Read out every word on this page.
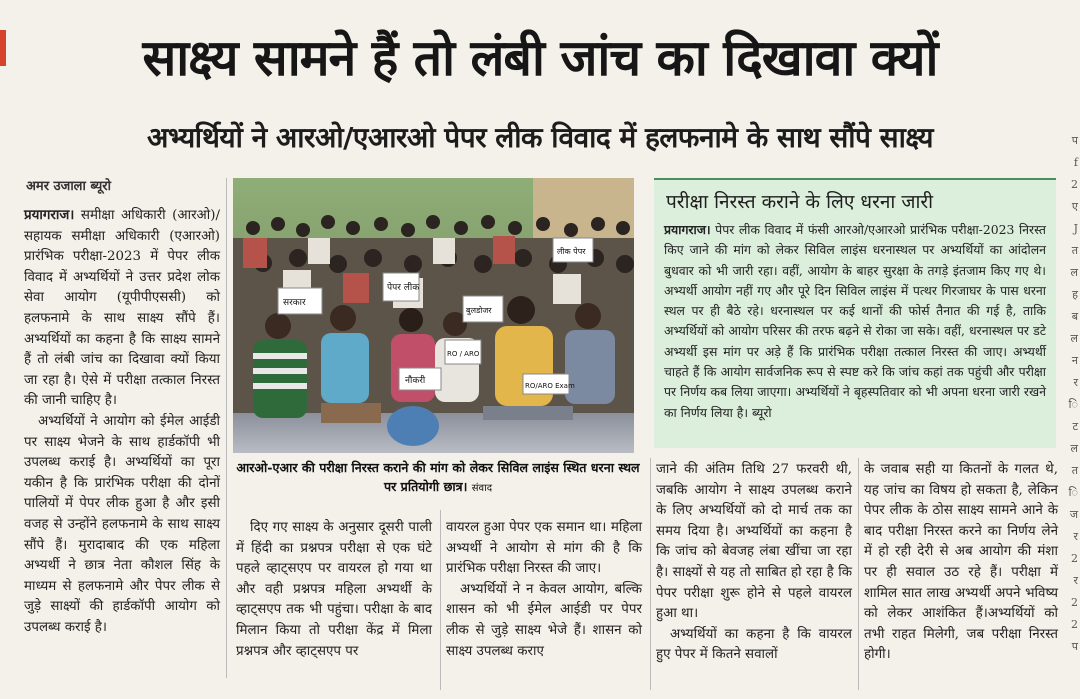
साक्ष्य सामने हैं तो लंबी जांच का दिखावा क्यों
अभ्यर्थियों ने आरओ/एआरओ पेपर लीक विवाद में हलफनामे के साथ सौंपे साक्ष्य
अमर उजाला ब्यूरो

प्रयागराज। समीक्षा अधिकारी (आरओ)/सहायक समीक्षा अधिकारी (एआरओ) प्रारंभिक परीक्षा-2023 में पेपर लीक विवाद में अभ्यर्थियों ने उत्तर प्रदेश लोक सेवा आयोग (यूपीपीएससी) को हलफनामे के साथ साक्ष्य सौंपे हैं। अभ्यर्थियों का कहना है कि साक्ष्य सामने हैं तो लंबी जांच का दिखावा क्यों किया जा रहा है। ऐसे में परीक्षा तत्काल निरस्त की जानी चाहिए है।

अभ्यर्थियों ने आयोग को ईमेल आईडी पर साक्ष्य भेजने के साथ हार्डकॉपी भी उपलब्ध कराई है। अभ्यर्थियों का पूरा यकीन है कि प्रारंभिक परीक्षा की दोनों पालियों में पेपर लीक हुआ है और इसी वजह से उन्होंने हलफनामे के साथ साक्ष्य सौंपे हैं। मुरादाबाद की एक महिला अभ्यर्थी ने छात्र नेता कौशल सिंह के माध्यम से हलफनामे और पेपर लीक से जुड़े साक्ष्यों की हार्डकॉपी आयोग को उपलब्ध कराई है।

पेपर लीक
सरकार
RO / ARO
RO/ARO Exam
नौकरी
बुलडोजर
लीक पेपर
आरओ-एआर की परीक्षा निरस्त कराने की मांग को लेकर सिविल लाइंस स्थित धरना स्थल पर प्रतियोगी छात्र। संवाद
परीक्षा निरस्त कराने के लिए धरना जारी
प्रयागराज। पेपर लीक विवाद में फंसी आरओ/एआरओ प्रारंभिक परीक्षा-2023 निरस्त किए जाने की मांग को लेकर सिविल लाइंस धरनास्थल पर अभ्यर्थियों का आंदोलन बुधवार को भी जारी रहा। वहीं, आयोग के बाहर सुरक्षा के तगड़े इंतजाम किए गए थे। अभ्यर्थी आयोग नहीं गए और पूरे दिन सिविल लाइंस में पत्थर गिरजाघर के पास धरना स्थल पर ही बैठे रहे। धरनास्थल पर कई थानों की फोर्स तैनात की गई है, ताकि अभ्यर्थियों को आयोग परिसर की तरफ बढ़ने से रोका जा सके। वहीं, धरनास्थल पर डटे अभ्यर्थी इस मांग पर अड़े हैं कि प्रारंभिक परीक्षा तत्काल निरस्त की जाए। अभ्यर्थी चाहते हैं कि आयोग सार्वजनिक रूप से स्पष्ट करे कि जांच कहां तक पहुंची और परीक्षा पर निर्णय कब लिया जाएगा। अभ्यर्थियों ने बृहस्पतिवार को भी अपना धरना जारी रखने का निर्णय लिया है। ब्यूरो

दिए गए साक्ष्य के अनुसार दूसरी पाली में हिंदी का प्रश्नपत्र परीक्षा से एक घंटे पहले व्हाट्सएप पर वायरल हो गया था और वही प्रश्नपत्र महिला अभ्यर्थी के व्हाट्सएप तक भी पहुंचा। परीक्षा के बाद मिलान किया तो परीक्षा केंद्र में मिला प्रश्नपत्र और व्हाट्सएप पर

वायरल हुआ पेपर एक समान था। महिला अभ्यर्थी ने आयोग से मांग की है कि प्रारंभिक परीक्षा निरस्त की जाए।

अभ्यर्थियों ने न केवल आयोग, बल्कि शासन को भी ईमेल आईडी पर पेपर लीक से जुड़े साक्ष्य भेजे हैं। शासन को साक्ष्य उपलब्ध कराए

जाने की अंतिम तिथि 27 फरवरी थी, जबकि आयोग ने साक्ष्य उपलब्ध कराने के लिए अभ्यर्थियों को दो मार्च तक का समय दिया है। अभ्यर्थियों का कहना है कि जांच को बेवजह लंबा खींचा जा रहा है। साक्ष्यों से यह तो साबित हो रहा है कि पेपर परीक्षा शुरू होने से पहले वायरल हुआ था।

अभ्यर्थियों का कहना है कि वायरल हुए पेपर में कितने सवालों

के जवाब सही या कितनों के गलत थे, यह जांच का विषय हो सकता है, लेकिन पेपर लीक के ठोस साक्ष्य सामने आने के बाद परीक्षा निरस्त करने का निर्णय लेने में हो रही देरी से अब आयोग की मंशा पर ही सवाल उठ रहे हैं। परीक्षा में शामिल सात लाख अभ्यर्थी अपने भविष्य को लेकर आशंकित हैं।अभ्यर्थियों को तभी राहत मिलेगी, जब परीक्षा निरस्त होगी।

प
f
2
ए
J
त
ल
ह
ब
ल
न
र
ि
ट
ल
त
ि
ज
र
2
र
2
2
प
